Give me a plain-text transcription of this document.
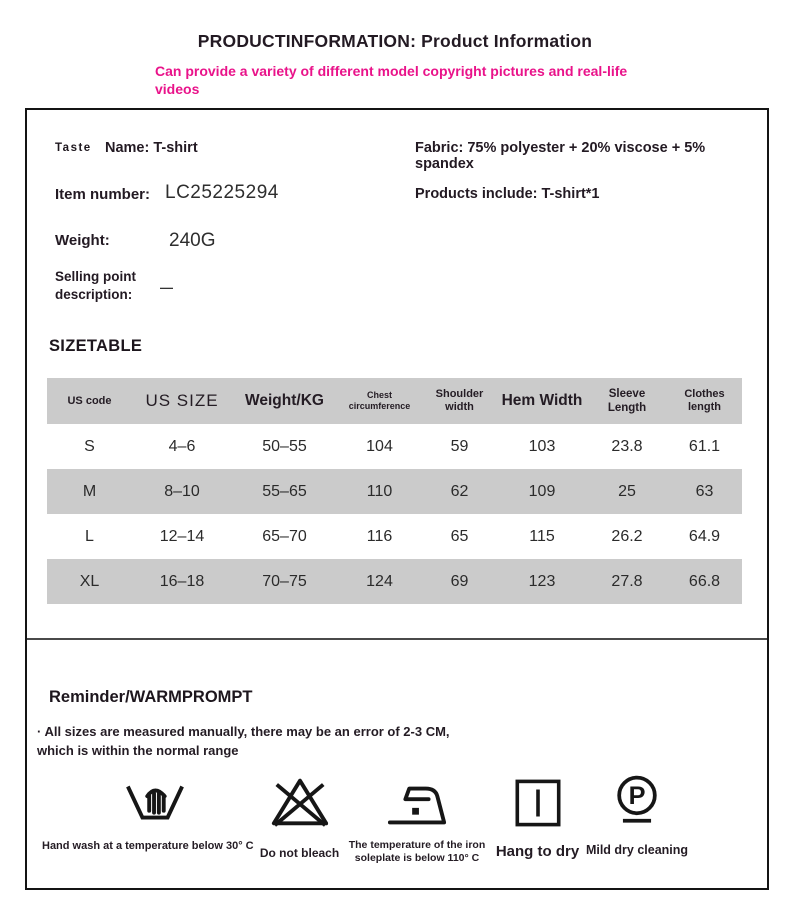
PRODUCTINFORMATION: Product Information
Can provide a variety of different model copyright pictures and real-life videos
Taste Name: T-shirt	Fabric: 75% polyester + 20% viscose + 5% spandex
Item number: LC25225294	Products include: T-shirt*1
Weight:	240G
Selling point description:	—
SIZETABLE
US code	US SIZE	Weight/KG	Chest circumference	Shoulder width	Hem Width	Sleeve Length	Clothes length
S	4–6	50–55	104	59	103	23.8	61.1
M	8–10	55–65	110	62	109	25	63
L	12–14	65–70	116	65	115	26.2	64.9
XL	16–18	70–75	124	69	123	27.8	66.8
Reminder/WARMPROMPT
· All sizes are measured manually, there may be an error of 2-3 CM, which is within the normal range
Hand wash at a temperature below 30° C Do not bleach
The temperature of the iron soleplate is below 110° C	Hang to dry
P
Mild dry cleaning
